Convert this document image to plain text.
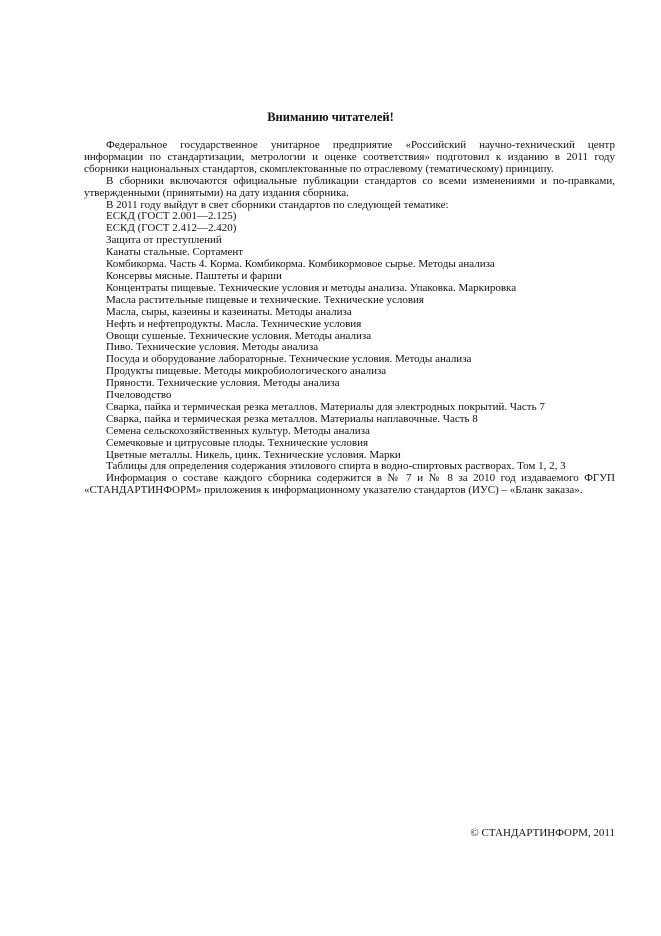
Вниманию читателей!

Федеральное государственное унитарное предприятие «Российский научно-технический центр информации по стандартизации, метрологии и оценке соответствия» подготовил к изданию в 2011 году сборники национальных стандартов, скомплектованные по отраслевому (тематическому) принципу.

В сборники включаются официальные публикации стандартов со всеми изменениями и по-правками, утвержденными (принятыми) на дату издания сборника.

В 2011 году выйдут в свет сборники стандартов по следующей тематике:

ЕСКД (ГОСТ 2.001—2.125)
ЕСКД (ГОСТ 2.412—2.420)
Защита от преступлений
Канаты стальные. Сортамент
Комбикорма. Часть 4. Корма. Комбикорма. Комбикормовое сырье. Методы анализа
Консервы мясные. Паштеты и фарши
Концентраты пищевые. Технические условия и методы анализа. Упаковка. Маркировка
Масла растительные пищевые и технические. Технические условия
Масла, сыры, казеины и казеинаты. Методы анализа
Нефть и нефтепродукты. Масла. Технические условия
Овощи сушеные. Технические условия. Методы анализа
Пиво. Технические условия. Методы анализа
Посуда и оборудование лабораторные. Технические условия. Методы анализа
Продукты пищевые. Методы микробиологического анализа
Пряности. Технические условия. Методы анализа
Пчеловодство
Сварка, пайка и термическая резка металлов. Материалы для электродных покрытий. Часть 7
Сварка, пайка и термическая резка металлов. Материалы наплавочные. Часть 8
Семена сельскохозяйственных культур. Методы анализа
Семечковые и цитрусовые плоды. Технические условия
Цветные металлы. Никель, цинк. Технические условия. Марки
Таблицы для определения содержания этилового спирта в водно-спиртовых растворах. Том 1, 2, 3

Информация о составе каждого сборника содержится в № 7 и № 8 за 2010 год издаваемого ФГУП «СТАНДАРТИНФОРМ» приложения к информационному указателю стандартов (ИУС) – «Бланк заказа».

© СТАНДАРТИНФОРМ, 2011
